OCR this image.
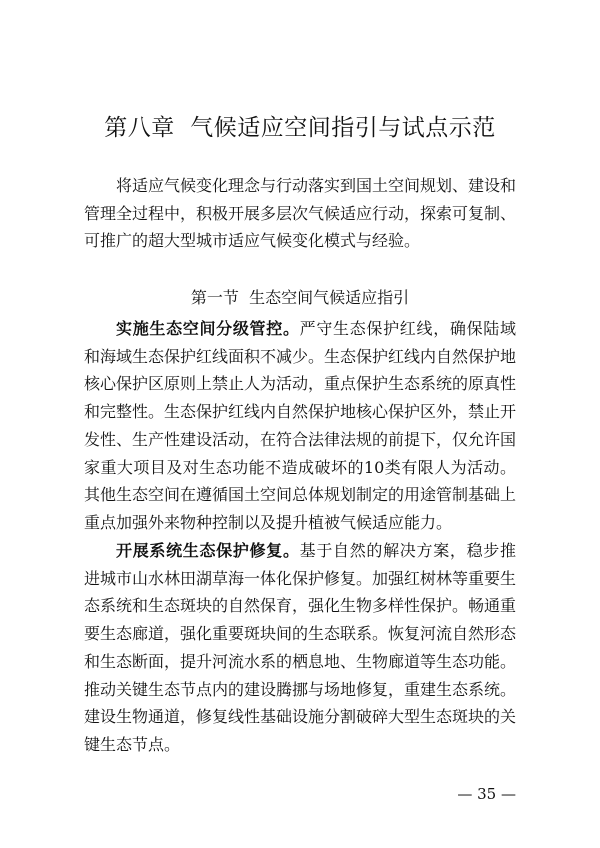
第八章  气候适应空间指引与试点示范

将适应气候变化理念与行动落实到国土空间规划、建设和管理全过程中，积极开展多层次气候适应行动，探索可复制、可推广的超大型城市适应气候变化模式与经验。

第一节  生态空间气候适应指引

实施生态空间分级管控。严守生态保护红线，确保陆域和海域生态保护红线面积不减少。生态保护红线内自然保护地核心保护区原则上禁止人为活动，重点保护生态系统的原真性和完整性。生态保护红线内自然保护地核心保护区外，禁止开发性、生产性建设活动，在符合法律法规的前提下，仅允许国家重大项目及对生态功能不造成破坏的10类有限人为活动。其他生态空间在遵循国土空间总体规划制定的用途管制基础上重点加强外来物种控制以及提升植被气候适应能力。

开展系统生态保护修复。基于自然的解决方案，稳步推进城市山水林田湖草海一体化保护修复。加强红树林等重要生态系统和生态斑块的自然保育，强化生物多样性保护。畅通重要生态廊道，强化重要斑块间的生态联系。恢复河流自然形态和生态断面，提升河流水系的栖息地、生物廊道等生态功能。推动关键生态节点内的建设腾挪与场地修复，重建生态系统。建设生物通道，修复线性基础设施分割破碎大型生态斑块的关键生态节点。

— 35 —
